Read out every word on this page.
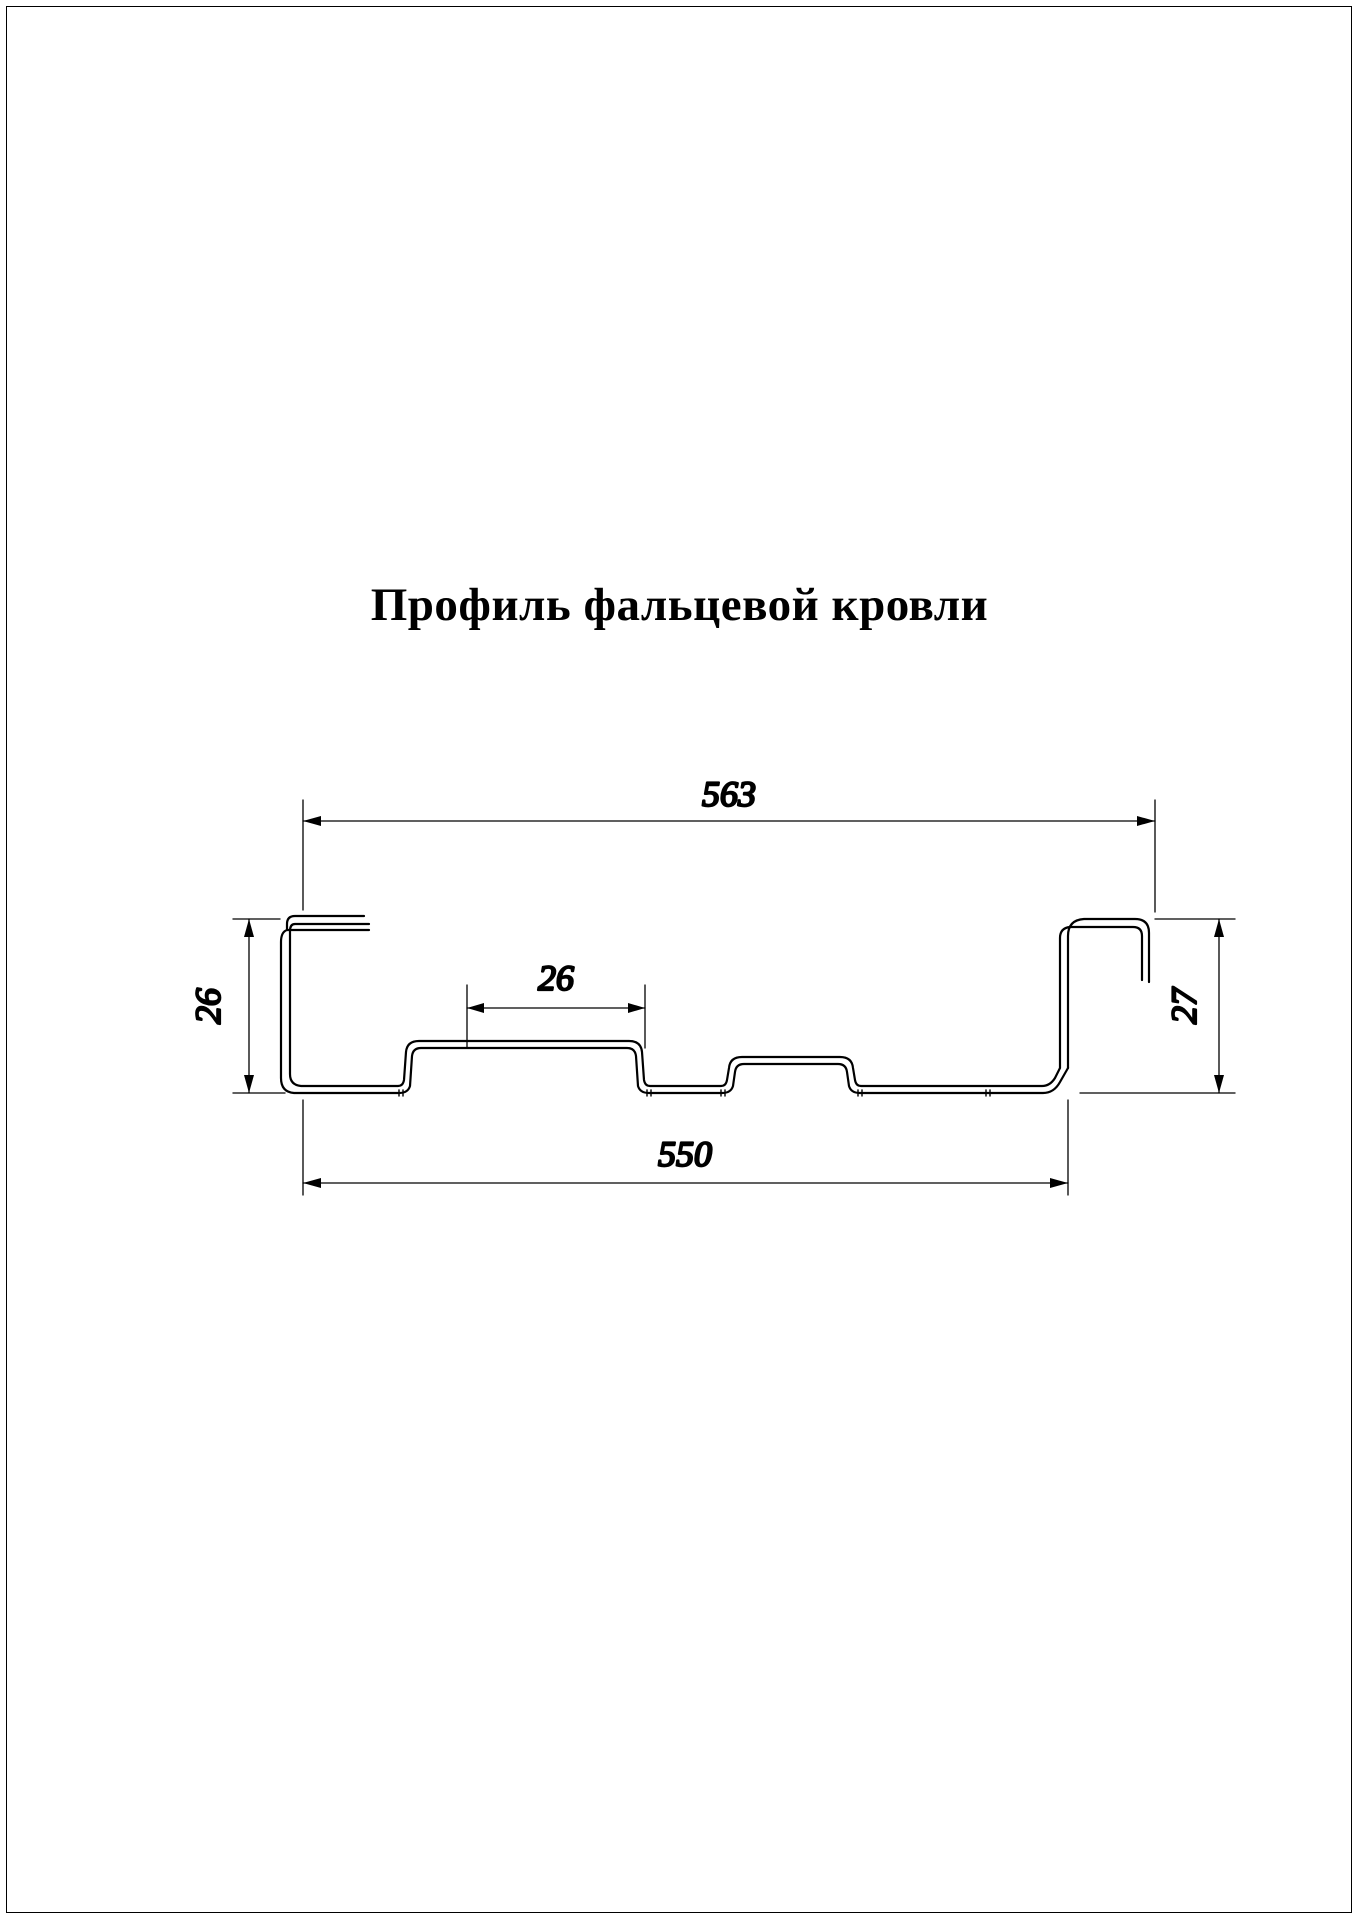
Профиль фальцевой кровли
563
550
26
26	27
